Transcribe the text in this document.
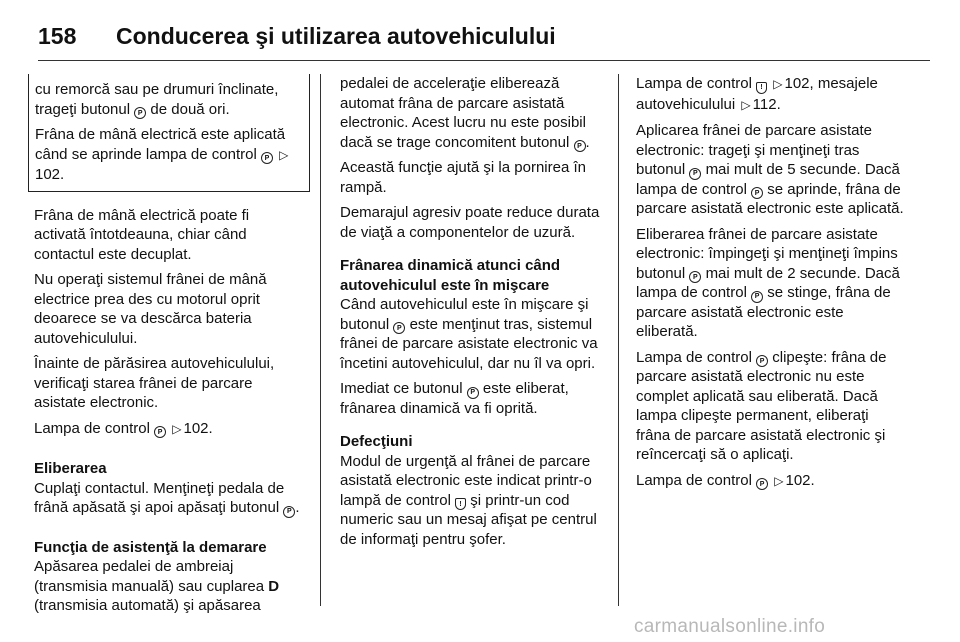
158	Conducerea şi utilizarea autovehiculului

cu remorcă sau pe drumuri înclinate, trageţi butonul P de două ori.

Frâna de mână electrică este aplicată când se aprinde lampa de control P ▷102.

Frâna de mână electrică poate fi activată întotdeauna, chiar când contactul este decuplat.

Nu operaţi sistemul frânei de mână electrice prea des cu motorul oprit deoarece se va descărca bateria autovehiculului.

Înainte de părăsirea autovehiculului, verificaţi starea frânei de parcare asistate electronic.

Lampa de control P ▷ 102.

Eliberarea

Cuplaţi contactul. Menţineţi pedala de frână apăsată şi apoi apăsaţi butonul P .

Funcţia de asistenţă la demarare

Apăsarea pedalei de ambreiaj (transmisia manuală) sau cuplarea D (transmisia automată) şi apăsarea

pedalei de acceleraţie eliberează automat frâna de parcare asistată electronic. Acest lucru nu este posibil dacă se trage concomitent butonul P .

Această funcţie ajută şi la pornirea în rampă.

Demarajul agresiv poate reduce durata de viaţă a componentelor de uzură.

Frânarea dinamică atunci când autovehiculul este în mişcare

Când autovehiculul este în mişcare şi butonul P este menţinut tras, sistemul frânei de parcare asistate electronic va încetini autovehiculul, dar nu îl va opri.

Imediat ce butonul P este eliberat, frânarea dinamică va fi oprită.

Defecţiuni

Modul de urgenţă al frânei de parcare asistată electronic este indicat printr-o lampă de control ! şi printr-un cod numeric sau un mesaj afişat pe centrul de informaţi pentru şofer.

Lampa de control ! ▷ 102, mesajele autovehiculului ▷ 112.

Aplicarea frânei de parcare asistate electronic: trageţi şi menţineţi tras butonul P mai mult de 5 secunde. Dacă lampa de control P se aprinde, frâna de parcare asistată electronic este aplicată.

Eliberarea frânei de parcare asistate electronic: împingeţi şi menţineţi împins butonul P mai mult de 2 secunde. Dacă lampa de control P se stinge, frâna de parcare asistată electronic este eliberată.

Lampa de control P clipeşte: frâna de parcare asistată electronic nu este complet aplicată sau eliberată. Dacă lampa clipeşte permanent, eliberaţi frâna de parcare asistată electronic şi reîncercaţi să o aplicaţi.

Lampa de control P ▷ 102.

carmanualsonline.info
